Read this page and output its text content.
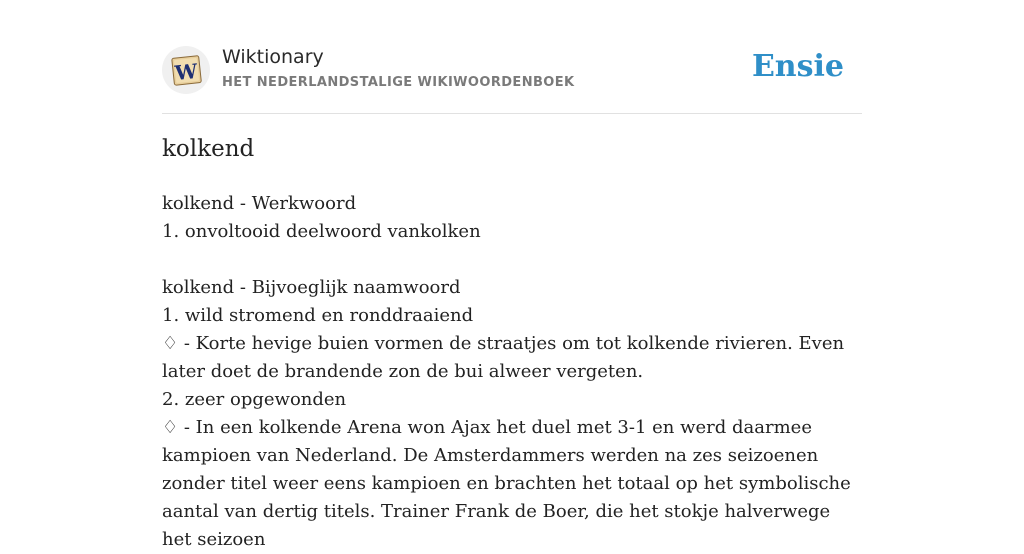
W
Wiktionary
HET NEDERLANDSTALIGE WIKIWOORDENBOEK	Ensie
kolkend

kolkend - Werkwoord

1. onvoltooid deelwoord vankolken

kolkend - Bijvoeglijk naamwoord

1. wild stromend en ronddraaiend

♢ - Korte hevige buien vormen de straatjes om tot kolkende rivieren. Even later doet de brandende zon de bui alweer vergeten.

2. zeer opgewonden

♢ - In een kolkende Arena won Ajax het duel met 3-1 en werd daarmee kampioen van Nederland. De Amsterdammers werden na zes seizoenen zonder titel weer eens kampioen en brachten het totaal op het symbolische aantal van dertig titels. Trainer Frank de Boer, die het stokje halverwege het seizoen
